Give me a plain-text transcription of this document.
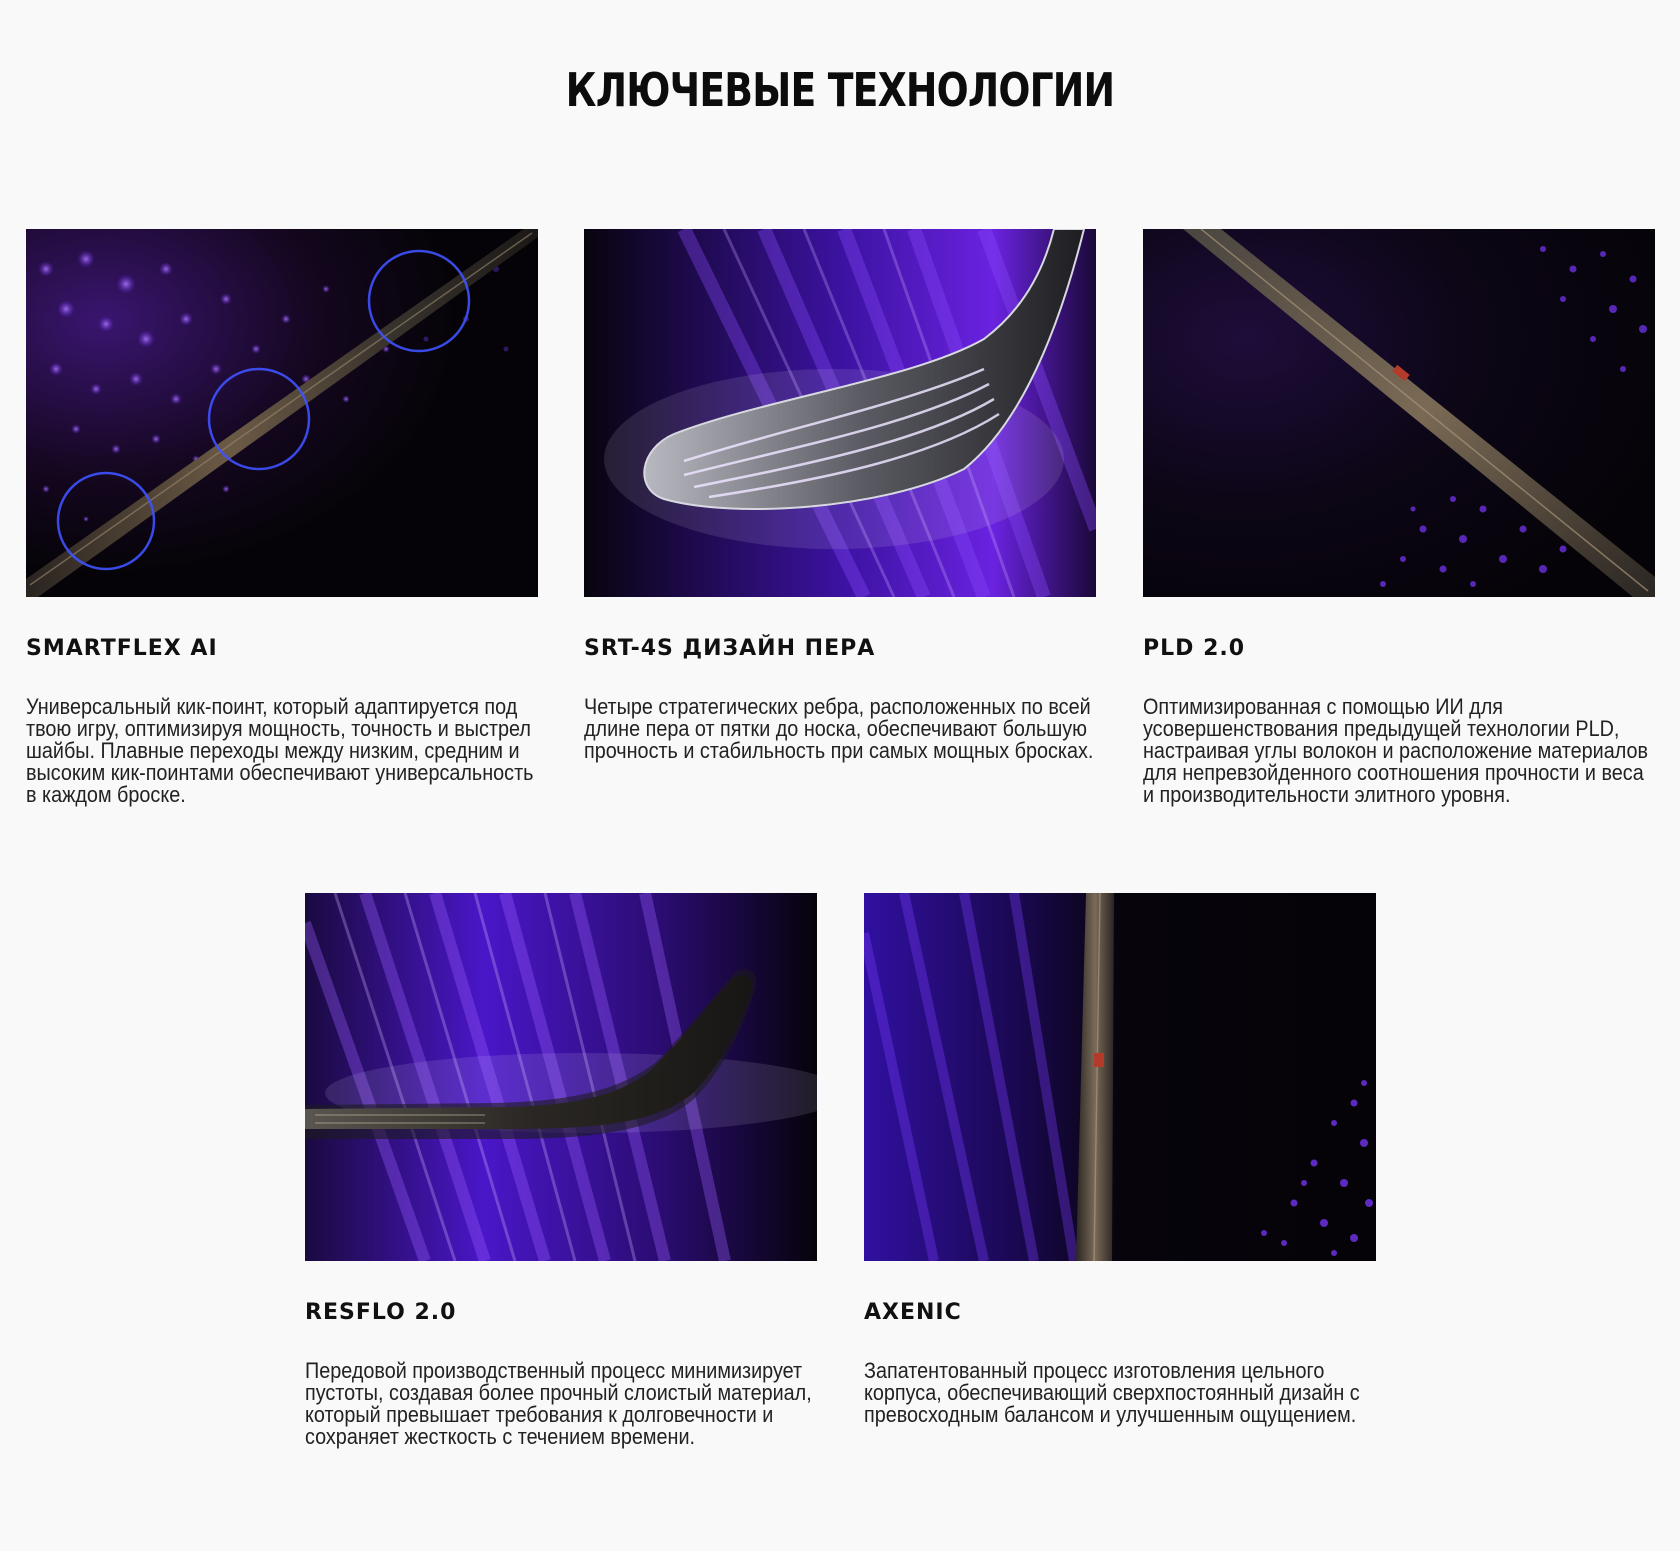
КЛЮЧЕВЫЕ ТЕХНОЛОГИИ
SMARTFLEX AI
Универсальный кик-поинт, который адаптируется под твою игру, оптимизируя мощность, точность и выстрел шайбы. Плавные переходы между низким, средним и высоким кик-поинтами обеспечивают универсальность в каждом броске.
SRT-4S ДИЗАЙН ПЕРА
Четыре стратегических ребра, расположенных по всей длине пера от пятки до носка, обеспечивают большую прочность и стабильность при самых мощных бросках.
PLD 2.0
Оптимизированная с помощью ИИ для усовершенствования предыдущей технологии PLD, настраивая углы волокон и расположение материалов для непревзойденного соотношения прочности и веса и производительности элитного уровня.
RESFLO 2.0
Передовой производственный процесс минимизирует пустоты, создавая более прочный слоистый материал, который превышает требования к долговечности и сохраняет жесткость с течением времени.
AXENIC
Запатентованный процесс изготовления цельного корпуса, обеспечивающий сверхпостоянный дизайн с превосходным балансом и улучшенным ощущением.
